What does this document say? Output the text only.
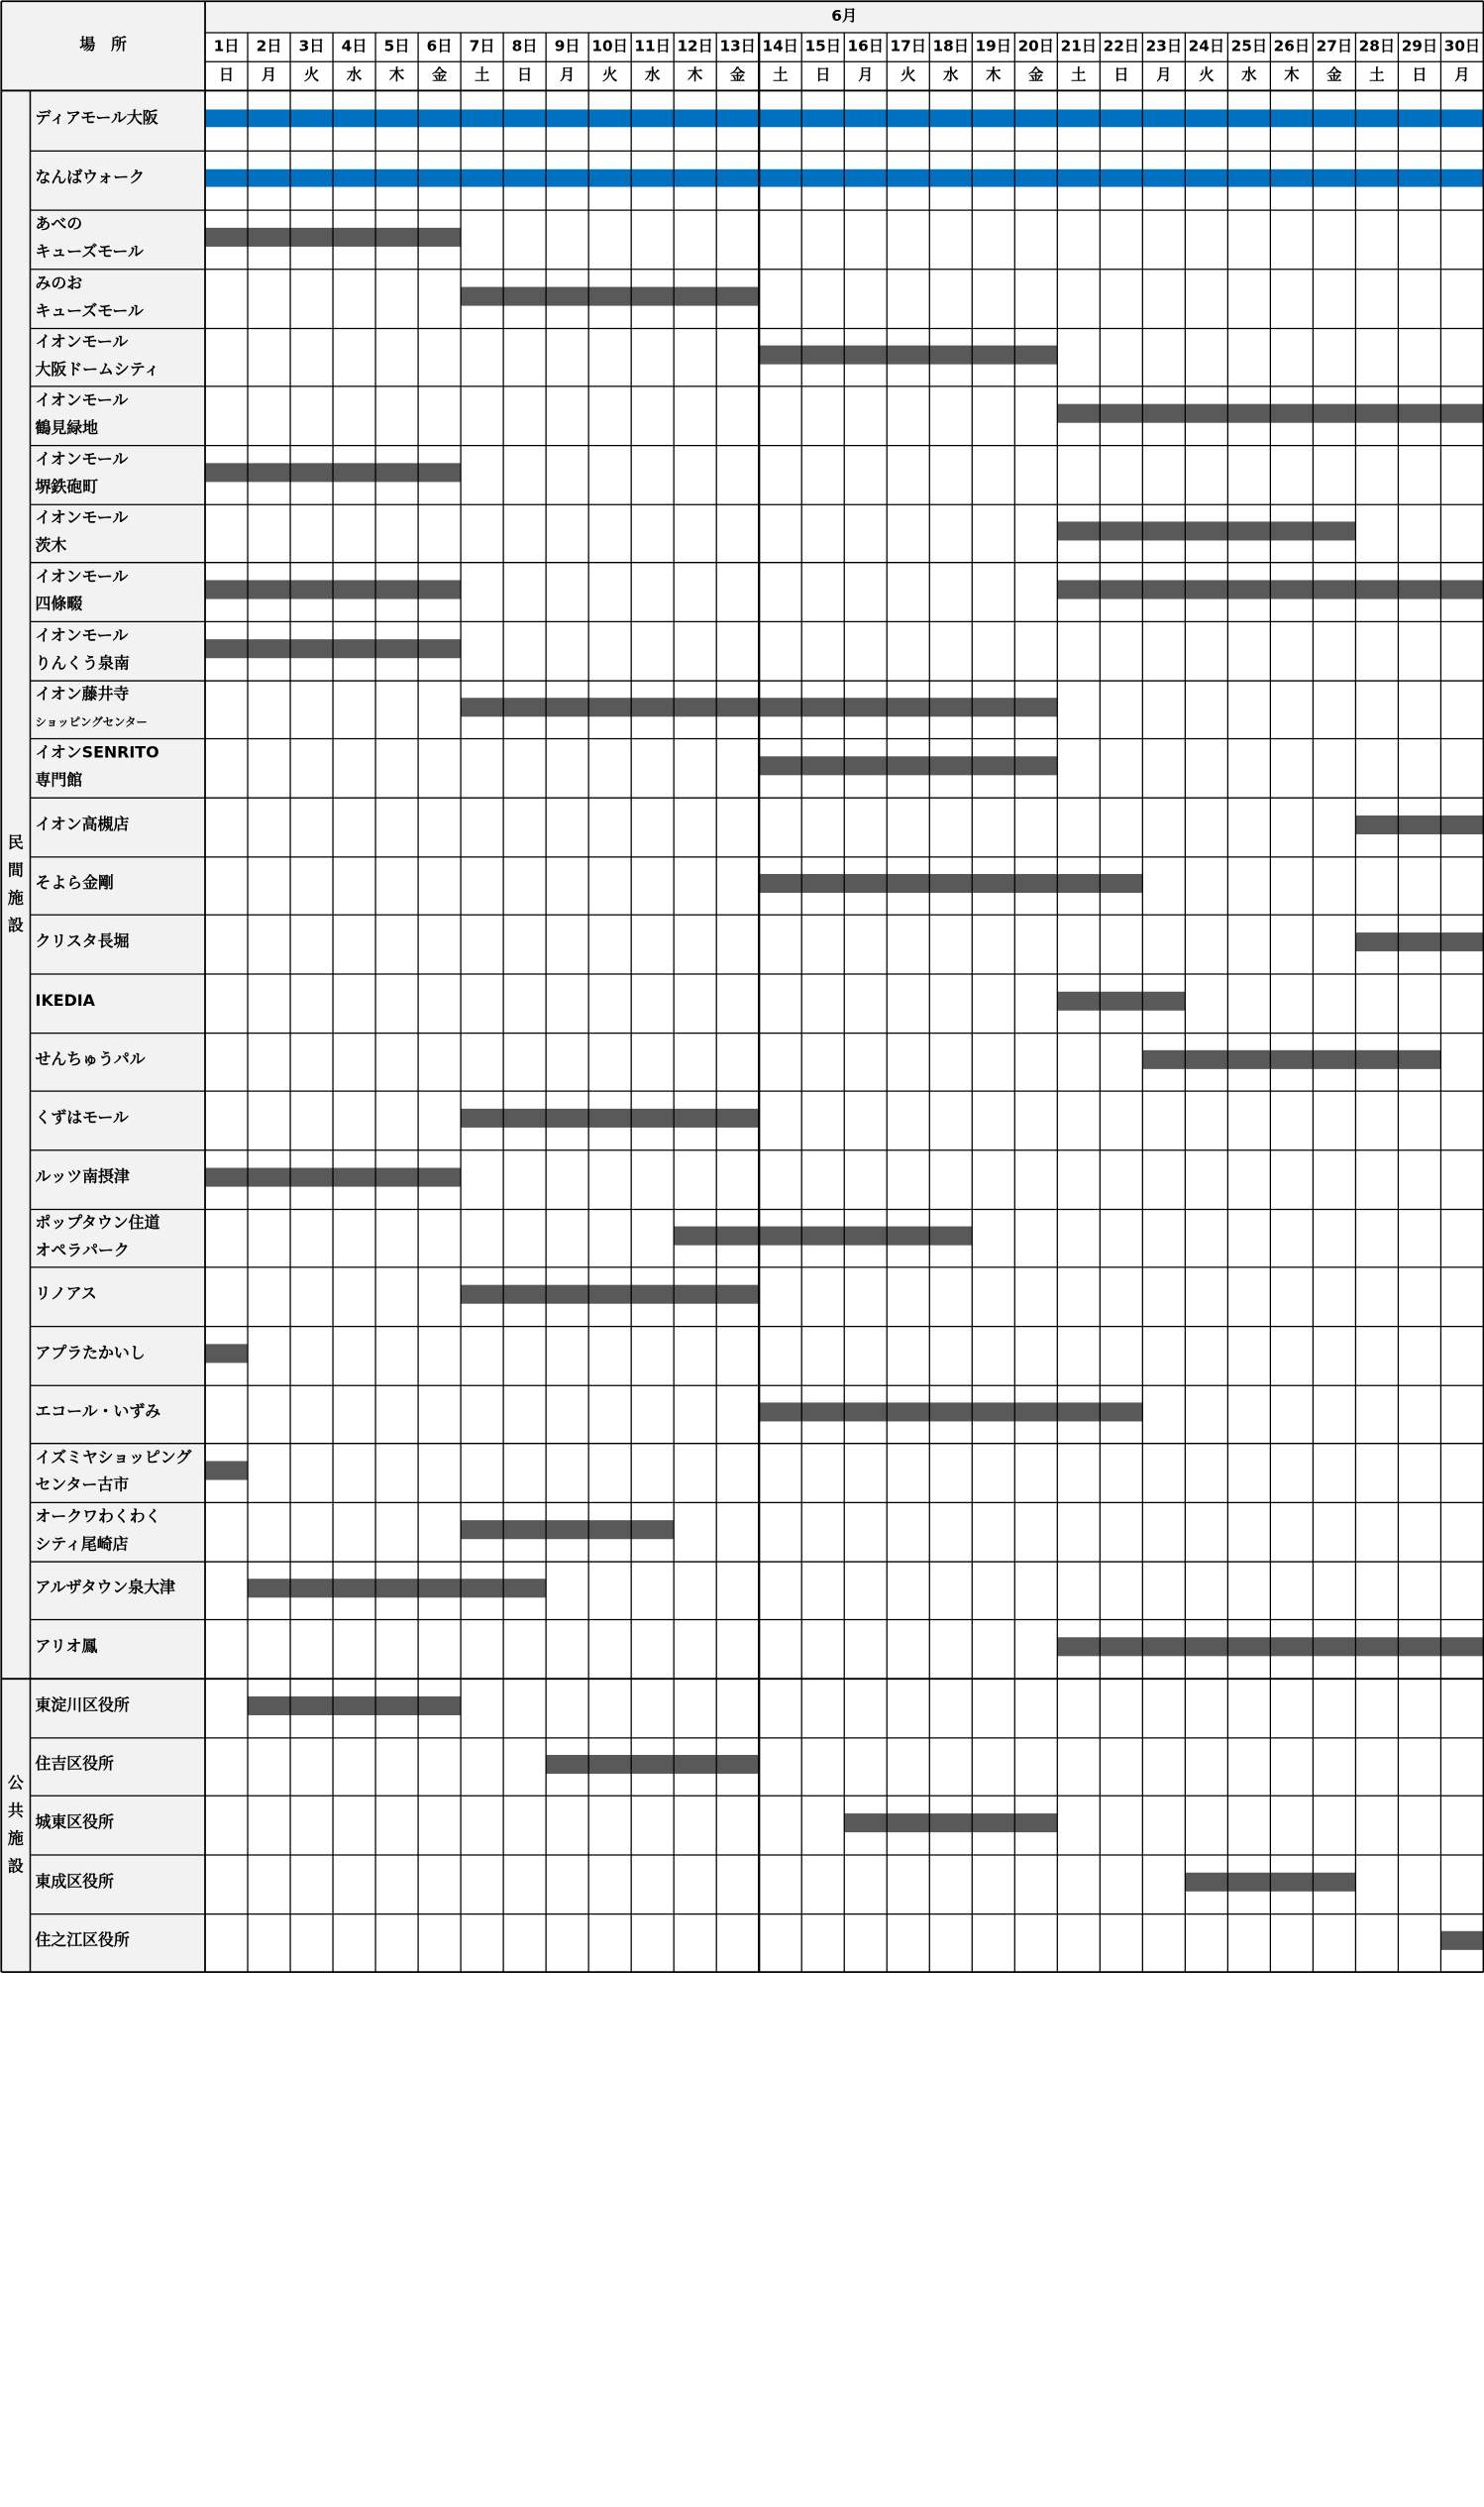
場　所
6月
1日
日
2日
月
3日
火
4日
水
5日
木
6日
金
7日
土
8日
日
9日
月
10日
火
11日
水
12日
木
13日
金
14日
土
15日
日
16日
月
17日
火
18日
水
19日
木
20日
金
21日
土
22日
日
23日
月
24日
火
25日
水
26日
木
27日
金
28日
土
29日
日
30日
月
民
間
施
設
公
共
施
設
ディアモール大阪
なんばウォーク
あべの
キューズモール
みのお
キューズモール
イオンモール
大阪ドームシティ
イオンモール
鶴見緑地
イオンモール
堺鉄砲町
イオンモール
茨木
イオンモール
四條畷
イオンモール
りんくう泉南
イオン藤井寺
ショッピングセンター
イオンSENRITO
専門館
イオン高槻店
そよら金剛
クリスタ長堀
IKEDIA
せんちゅうパル
くずはモール
ルッツ南摂津
ポップタウン住道
オペラパーク
リノアス
アプラたかいし
エコール・いずみ
イズミヤショッピング
センター古市
オークワわくわく
シティ尾崎店
アルザタウン泉大津
アリオ鳳
東淀川区役所
住吉区役所
城東区役所
東成区役所
住之江区役所
